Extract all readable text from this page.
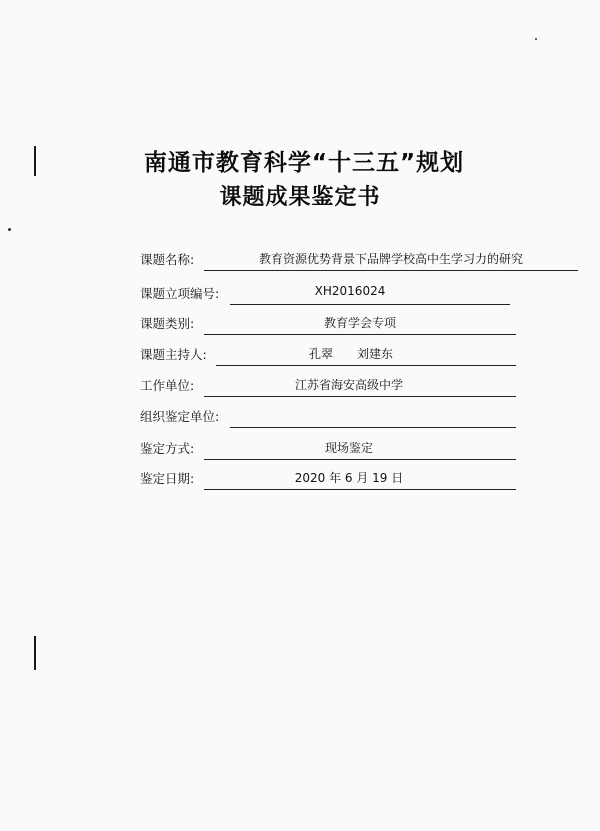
南通市教育科学“十三五”规划
课题成果鉴定书
课题名称:	教育资源优势背景下品牌学校高中生学习力的研究
课题立项编号:	XH2016024
课题类别:	教育学会专项
课题主持人:	孔翠　　刘建东
工作单位:	江苏省海安高级中学
组织鉴定单位:
鉴定方式:	现场鉴定
鉴定日期:	2020 年 6 月 19 日
